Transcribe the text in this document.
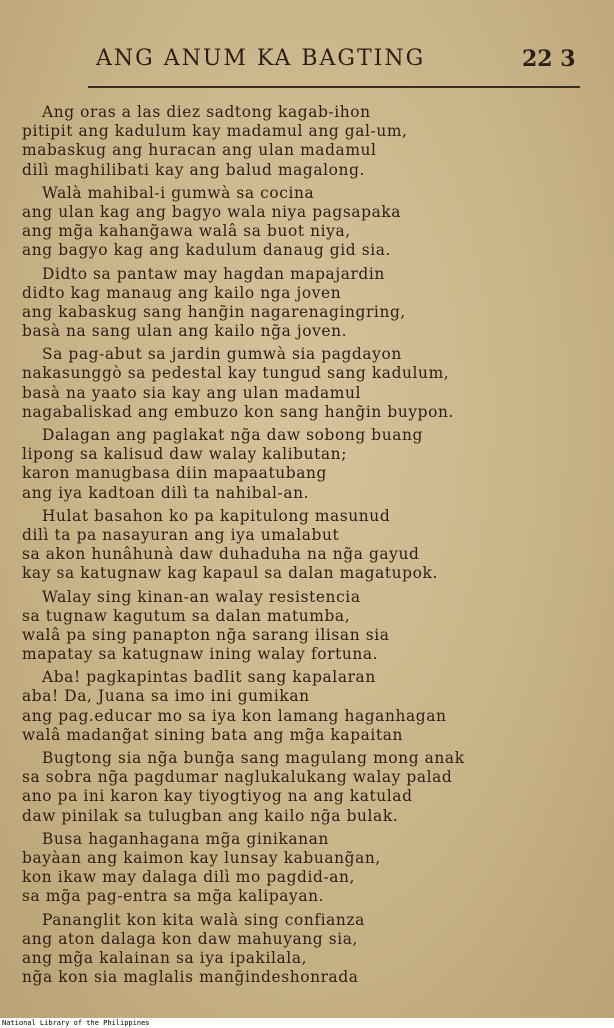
ANG ANUM KA BAGTING	22 3
Ang oras a las diez sadtong kagab-ihon
pitipit ang kadulum kay madamul ang gal-um,
mabaskug ang huracan ang ulan madamul
dilì maghilibati kay ang balud magalong.
Walà mahibal-i gumwà sa cocina
ang ulan kag ang bagyo wala niya pagsapaka
ang mg̃a kahang̃awa walâ sa buot niya,
ang bagyo kag ang kadulum danaug gid sia.
Didto sa pantaw may hagdan mapajardin
didto kag manaug ang kailo nga joven
ang kabaskug sang hang̃in nagarenagingring,
basà na sang ulan ang kailo ng̃a joven.
Sa pag-abut sa jardin gumwà sia pagdayon
nakasunggò sa pedestal kay tungud sang kadulum,
basà na yaato sia kay ang ulan madamul
nagabaliskad ang embuzo kon sang hang̃in buypon.
Dalagan ang paglakat ng̃a daw sobong buang
lipong sa kalisud daw walay kalibutan;
karon manugbasa diin mapaatubang
ang iya kadtoan dilì ta nahibal-an.
Hulat basahon ko pa kapitulong masunud
dilì ta pa nasayuran ang iya umalabut
sa akon hunâhunà daw duhaduha na ng̃a gayud
kay sa katugnaw kag kapaul sa dalan magatupok.
Walay sing kinan-an walay resistencia
sa tugnaw kagutum sa dalan matumba,
walâ pa sing panapton ng̃a sarang ilisan sia
mapatay sa katugnaw ining walay fortuna.
Aba! pagkapintas badlit sang kapalaran
aba! Da, Juana sa imo ini gumikan
ang pag.educar mo sa iya kon lamang haganhagan
walâ madang̃at sining bata ang mg̃a kapaitan
Bugtong sia ng̃a bung̃a sang magulang mong anak
sa sobra ng̃a pagdumar naglukalukang walay palad
ano pa ini karon kay tiyogtiyog na ang katulad
daw pinilak sa tulugban ang kailo ng̃a bulak.
Busa haganhagana mg̃a ginikanan
bayàan ang kaimon kay lunsay kabuang̃an,
kon ikaw may dalaga dilì mo pagdid-an,
sa mg̃a pag-entra sa mg̃a kalipayan.
Pananglit kon kita walà sing confianza
ang aton dalaga kon daw mahuyang sia,
ang mg̃a kalainan sa iya ipakilala,
ng̃a kon sia maglalis mang̃indeshonrada
National Library of the Philippines
